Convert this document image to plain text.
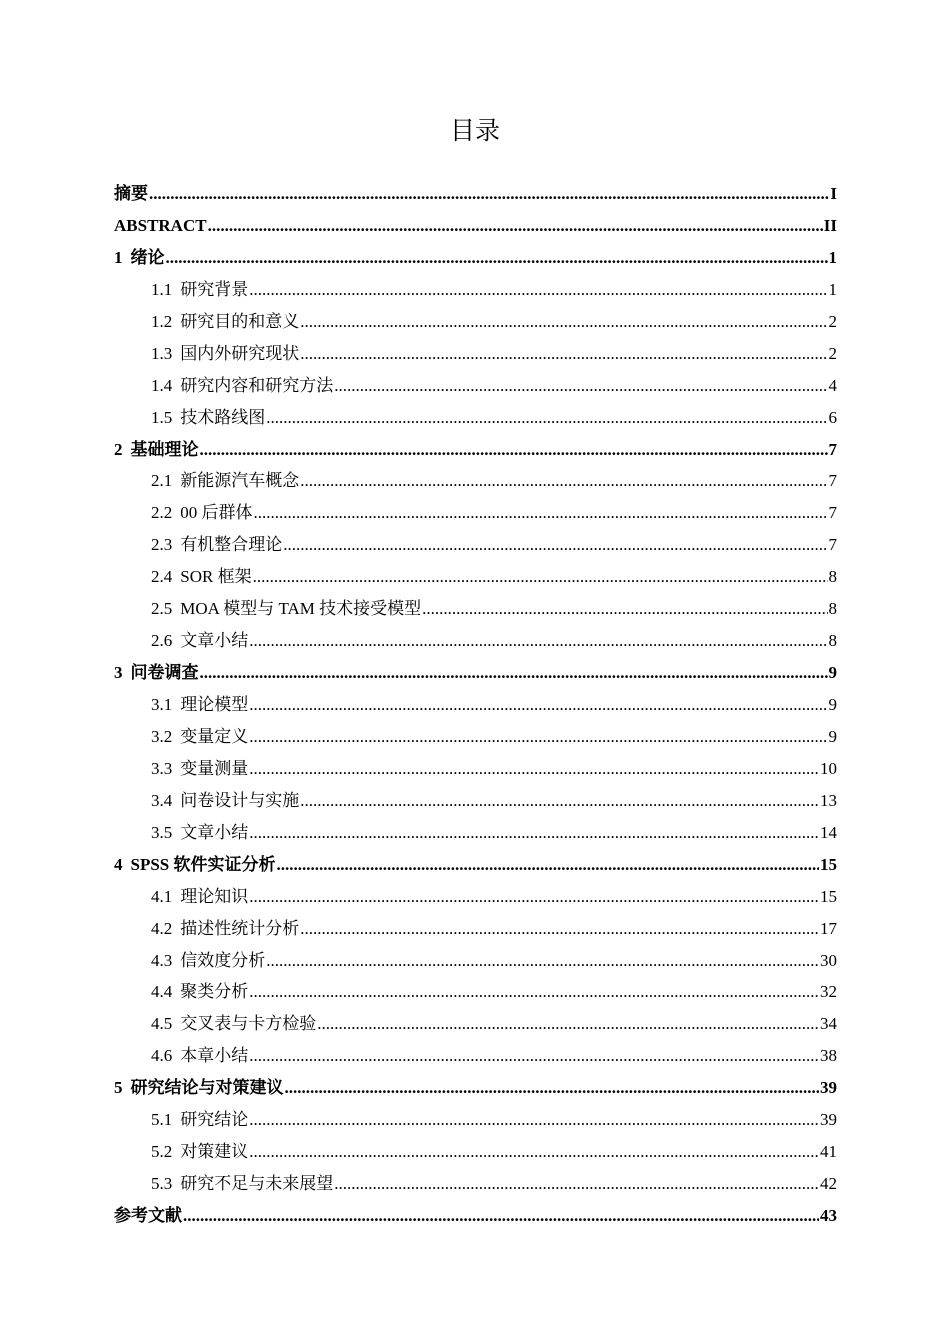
目录
摘要 .....	I
ABSTRACT .....	II
1 绪论 .....	1
1.1 研究背景 .....	1
1.2 研究目的和意义 .....	2
1.3 国内外研究现状 .....	2
1.4 研究内容和研究方法 .....	4
1.5 技术路线图 .....	6
2 基础理论 .....	7
2.1 新能源汽车概念 .....	7
2.2 00 后群体 .....	7
2.3 有机整合理论 .....	7
2.4 SOR 框架 .....	8
2.5 MOA 模型与 TAM 技术接受模型 .....	8
2.6 文章小结 .....	8
3 问卷调查 .....	9
3.1 理论模型 .....	9
3.2 变量定义 .....	9
3.3 变量测量 .....	10
3.4 问卷设计与实施 .....	13
3.5 文章小结 .....	14
4 SPSS 软件实证分析 .....	15
4.1 理论知识 .....	15
4.2 描述性统计分析 .....	17
4.3 信效度分析 .....	30
4.4 聚类分析 .....	32
4.5 交叉表与卡方检验 .....	34
4.6 本章小结 .....	38
5 研究结论与对策建议 .....	39
5.1 研究结论 .....	39
5.2 对策建议 .....	41
5.3 研究不足与未来展望 .....	42
参考文献 .....	43
